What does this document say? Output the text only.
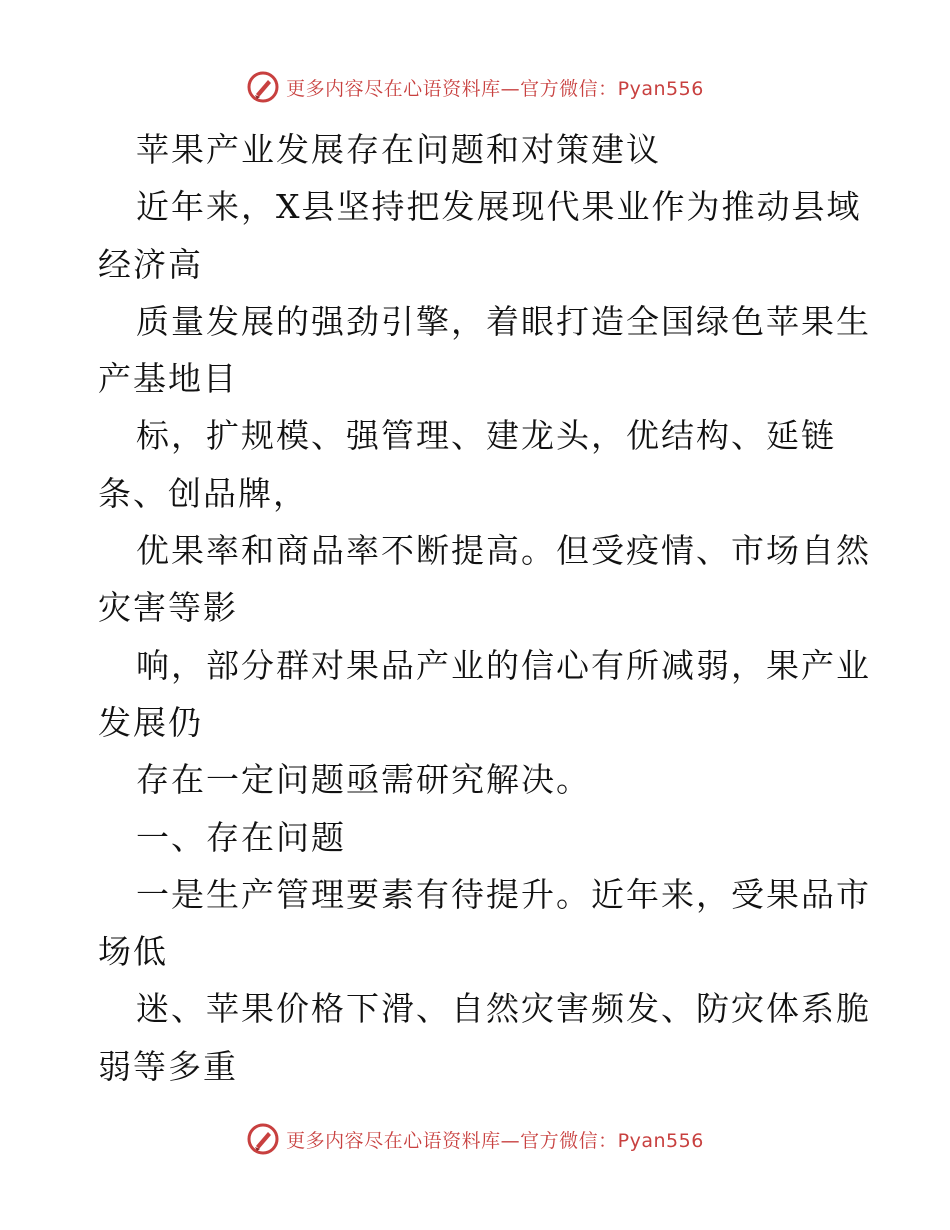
更多内容尽在心语资料库—官方微信：Pyan556
苹果产业发展存在问题和对策建议
近年来，X县坚持把发展现代果业作为推动县域
经济高
质量发展的强劲引擎，着眼打造全国绿色苹果生
产基地目
标，扩规模、强管理、建龙头，优结构、延链
条、创品牌，
优果率和商品率不断提高。但受疫情、市场自然
灾害等影
响，部分群对果品产业的信心有所减弱，果产业
发展仍
存在一定问题亟需研究解决。
一、存在问题
一是生产管理要素有待提升。近年来，受果品市
场低
迷、苹果价格下滑、自然灾害频发、防灾体系脆
弱等多重
更多内容尽在心语资料库—官方微信：Pyan556
